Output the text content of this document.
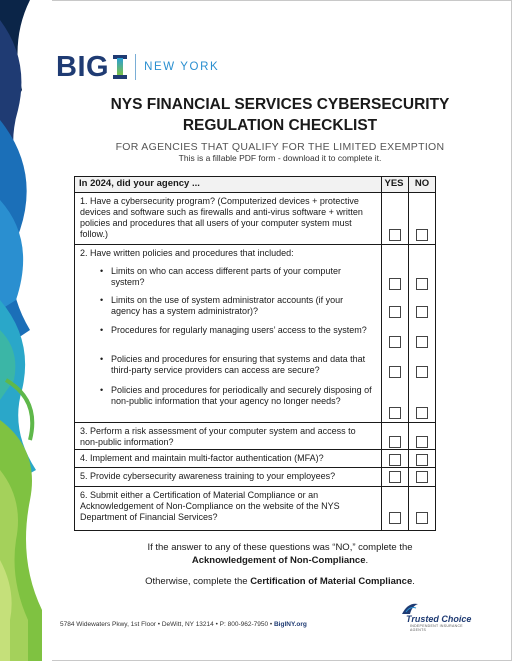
BIG	NEW YORK
NYS FINANCIAL SERVICES CYBERSECURITY
REGULATION CHECKLIST
FOR AGENCIES THAT QUALIFY FOR THE LIMITED EXEMPTION
This is a fillable PDF form - download it to complete it.
In 2024, did your agency ...	YES	NO
1. Have a cybersecurity program? (Computerized devices + protective devices and software such as firewalls and anti-virus software + written policies and procedures that all users of your computer system must follow.)
2. Have written policies and procedures that included:
• Limits on who can access different parts of your computer system?
• Limits on the use of system administrator accounts (if your agency has a system administrator)?
• Procedures for regularly managing users’ access to the system?
• Policies and procedures for ensuring that systems and data that third-party service providers can access are secure?
• Policies and procedures for periodically and securely disposing of non-public information that your agency no longer needs?
3. Perform a risk assessment of your computer system and access to non-public information?
4. Implement and maintain multi-factor authentication (MFA)?
5. Provide cybersecurity awareness training to your employees?
6. Submit either a Certification of Material Compliance or an Acknowledgement of Non-Compliance on the website of the NYS Department of Financial Services?
If the answer to any of these questions was “NO,” complete the
Acknowledgement of Non-Compliance.
Otherwise, complete the Certification of Material Compliance.
5784 Widewaters Pkwy, 1st Floor • DeWitt, NY 13214 • P: 800-962-7950 • BigINY.org
Trusted Choice
INDEPENDENT INSURANCE AGENTS
